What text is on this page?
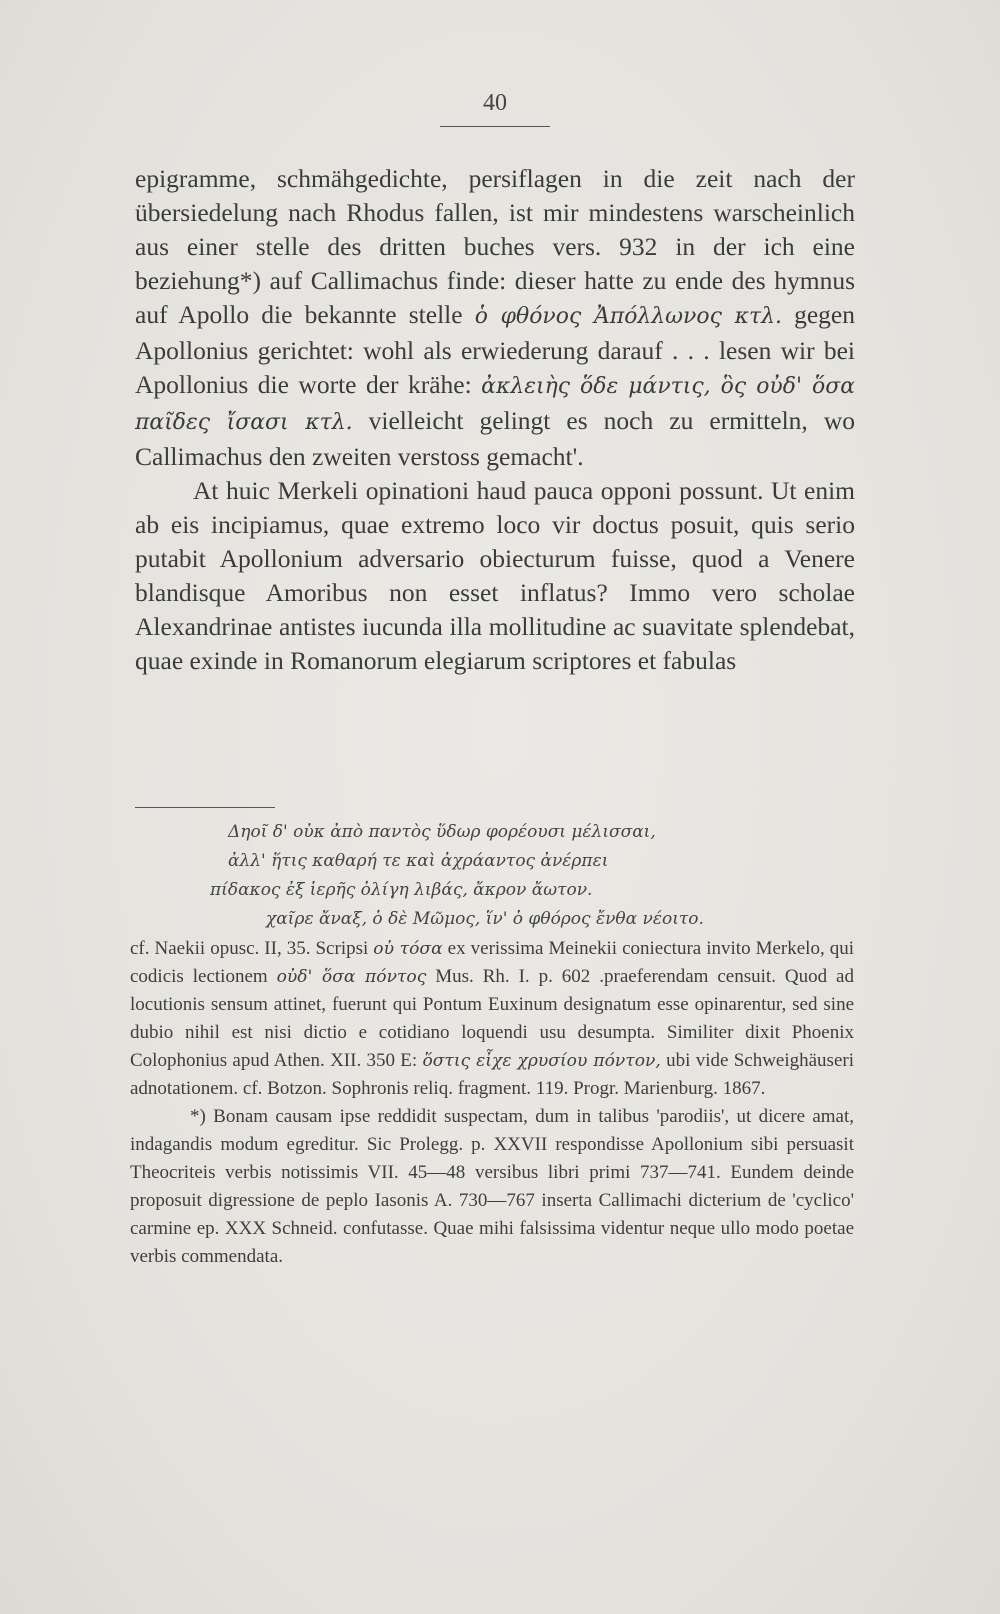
40

epigramme, schmähgedichte, persiflagen in die zeit nach der übersiedelung nach Rhodus fallen, ist mir mindestens warscheinlich aus einer stelle des dritten buches vers. 932 in der ich eine beziehung*) auf Callimachus finde: dieser hatte zu ende des hymnus auf Apollo die bekannte stelle ὁ φθόνος Ἀπόλλωνος κτλ. gegen Apollonius gerichtet: wohl als erwiederung darauf . . . lesen wir bei Apollonius die worte der krähe: ἀκλειὴς ὅδε μάντις, ὃς οὐδ' ὅσα παῖδες ἴσασι κτλ. vielleicht gelingt es noch zu ermitteln, wo Callimachus den zweiten verstoss gemacht'.

At huic Merkeli opinationi haud pauca opponi possunt. Ut enim ab eis incipiamus, quae extremo loco vir doctus posuit, quis serio putabit Apollonium adversario obiecturum fuisse, quod a Venere blandisque Amoribus non esset inflatus? Immo vero scholae Alexandrinae antistes iucunda illa mollitudine ac suavitate splendebat, quae exinde in Romanorum elegiarum scriptores et fabulas

Δηοῖ δ' οὐκ ἀπὸ παντὸς ὕδωρ φορέουσι μέλισσαι,
ἀλλ' ἥτις καθαρή τε καὶ ἀχράαντος ἀνέρπει
πίδακος ἐξ ἱερῆς ὀλίγη λιβάς, ἄκρον ἄωτον.
χαῖρε ἄναξ, ὁ δὲ Μῶμος, ἵν' ὁ φθόρος ἔνθα νέοιτο.

cf. Naekii opusc. II, 35. Scripsi οὐ τόσα ex verissima Meinekii coniectura invito Merkelo, qui codicis lectionem οὐδ' ὅσα πόντος Mus. Rh. I. p. 602 .praeferendam censuit. Quod ad locutionis sensum attinet, fuerunt qui Pontum Euxinum designatum esse opinarentur, sed sine dubio nihil est nisi dictio e cotidiano loquendi usu desumpta. Similiter dixit Phoenix Colophonius apud Athen. XII. 350 E: ὅστις εἶχε χρυσίου πόντον, ubi vide Schweighäuseri adnotationem. cf. Botzon. Sophronis reliq. fragment. 119. Progr. Marienburg. 1867.

*) Bonam causam ipse reddidit suspectam, dum in talibus 'parodiis', ut dicere amat, indagandis modum egreditur. Sic Prolegg. p. XXVII respondisse Apollonium sibi persuasit Theocriteis verbis notissimis VII. 45—48 versibus libri primi 737—741. Eundem deinde proposuit digressione de peplo Iasonis A. 730—767 inserta Callimachi dicterium de 'cyclico' carmine ep. XXX Schneid. confutasse. Quae mihi falsissima videntur neque ullo modo poetae verbis commendata.
